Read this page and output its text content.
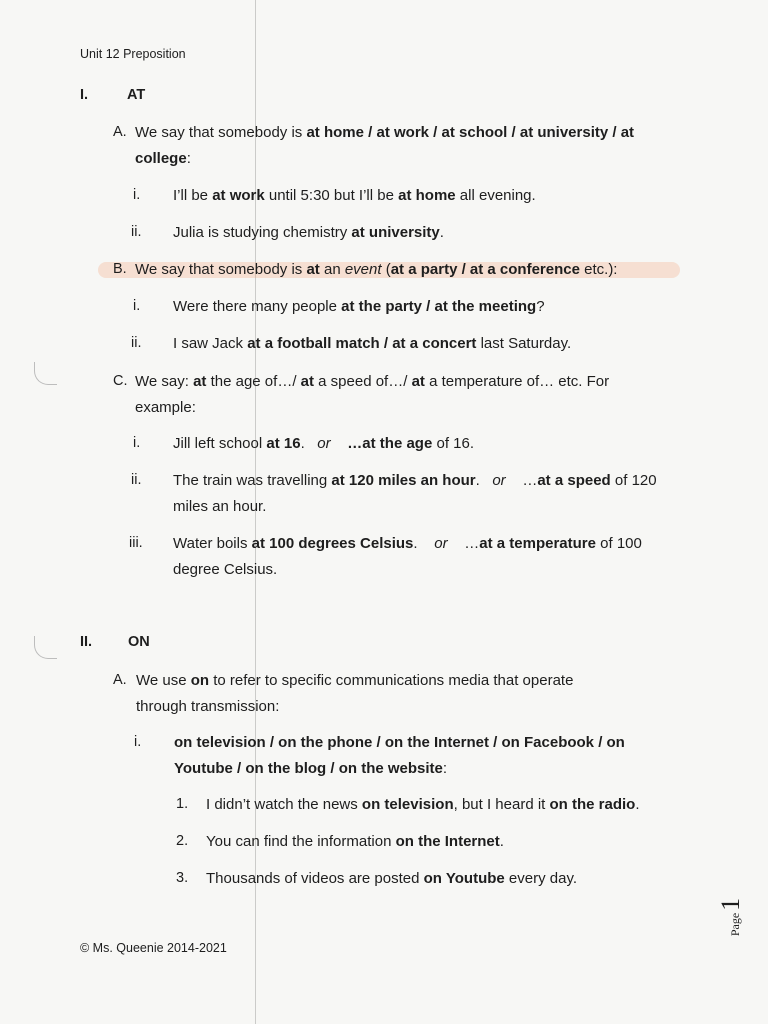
Unit 12 Preposition
I.	AT
A. We say that somebody is at home / at work / at school / at university / at
college:
i. I’ll be at work until 5:30 but I’ll be at home all evening.
ii. Julia is studying chemistry at university.
B. We say that somebody is at an event (at a party / at a conference etc.):
i. Were there many people at the party / at the meeting?
ii. I saw Jack at a football match / at a concert last Saturday.
C. We say: at the age of…/ at a speed of…/ at a temperature of… etc. For
example:
i. Jill left school at 16. or …at the age of 16.
ii. The train was travelling at 120 miles an hour. or …at a speed of 120
miles an hour.
iii. Water boils at 100 degrees Celsius. or …at a temperature of 100
degree Celsius.
II. ON
A. We use on to refer to specific communications media that operate
through transmission:
i. on television / on the phone / on the Internet / on Facebook / on
Youtube / on the blog / on the website:
1. I didn’t watch the news on television, but I heard it on the radio.
2. You can find the information on the Internet.
3. Thousands of videos are posted on Youtube every day.
Page
1
© Ms. Queenie 2014-2021
